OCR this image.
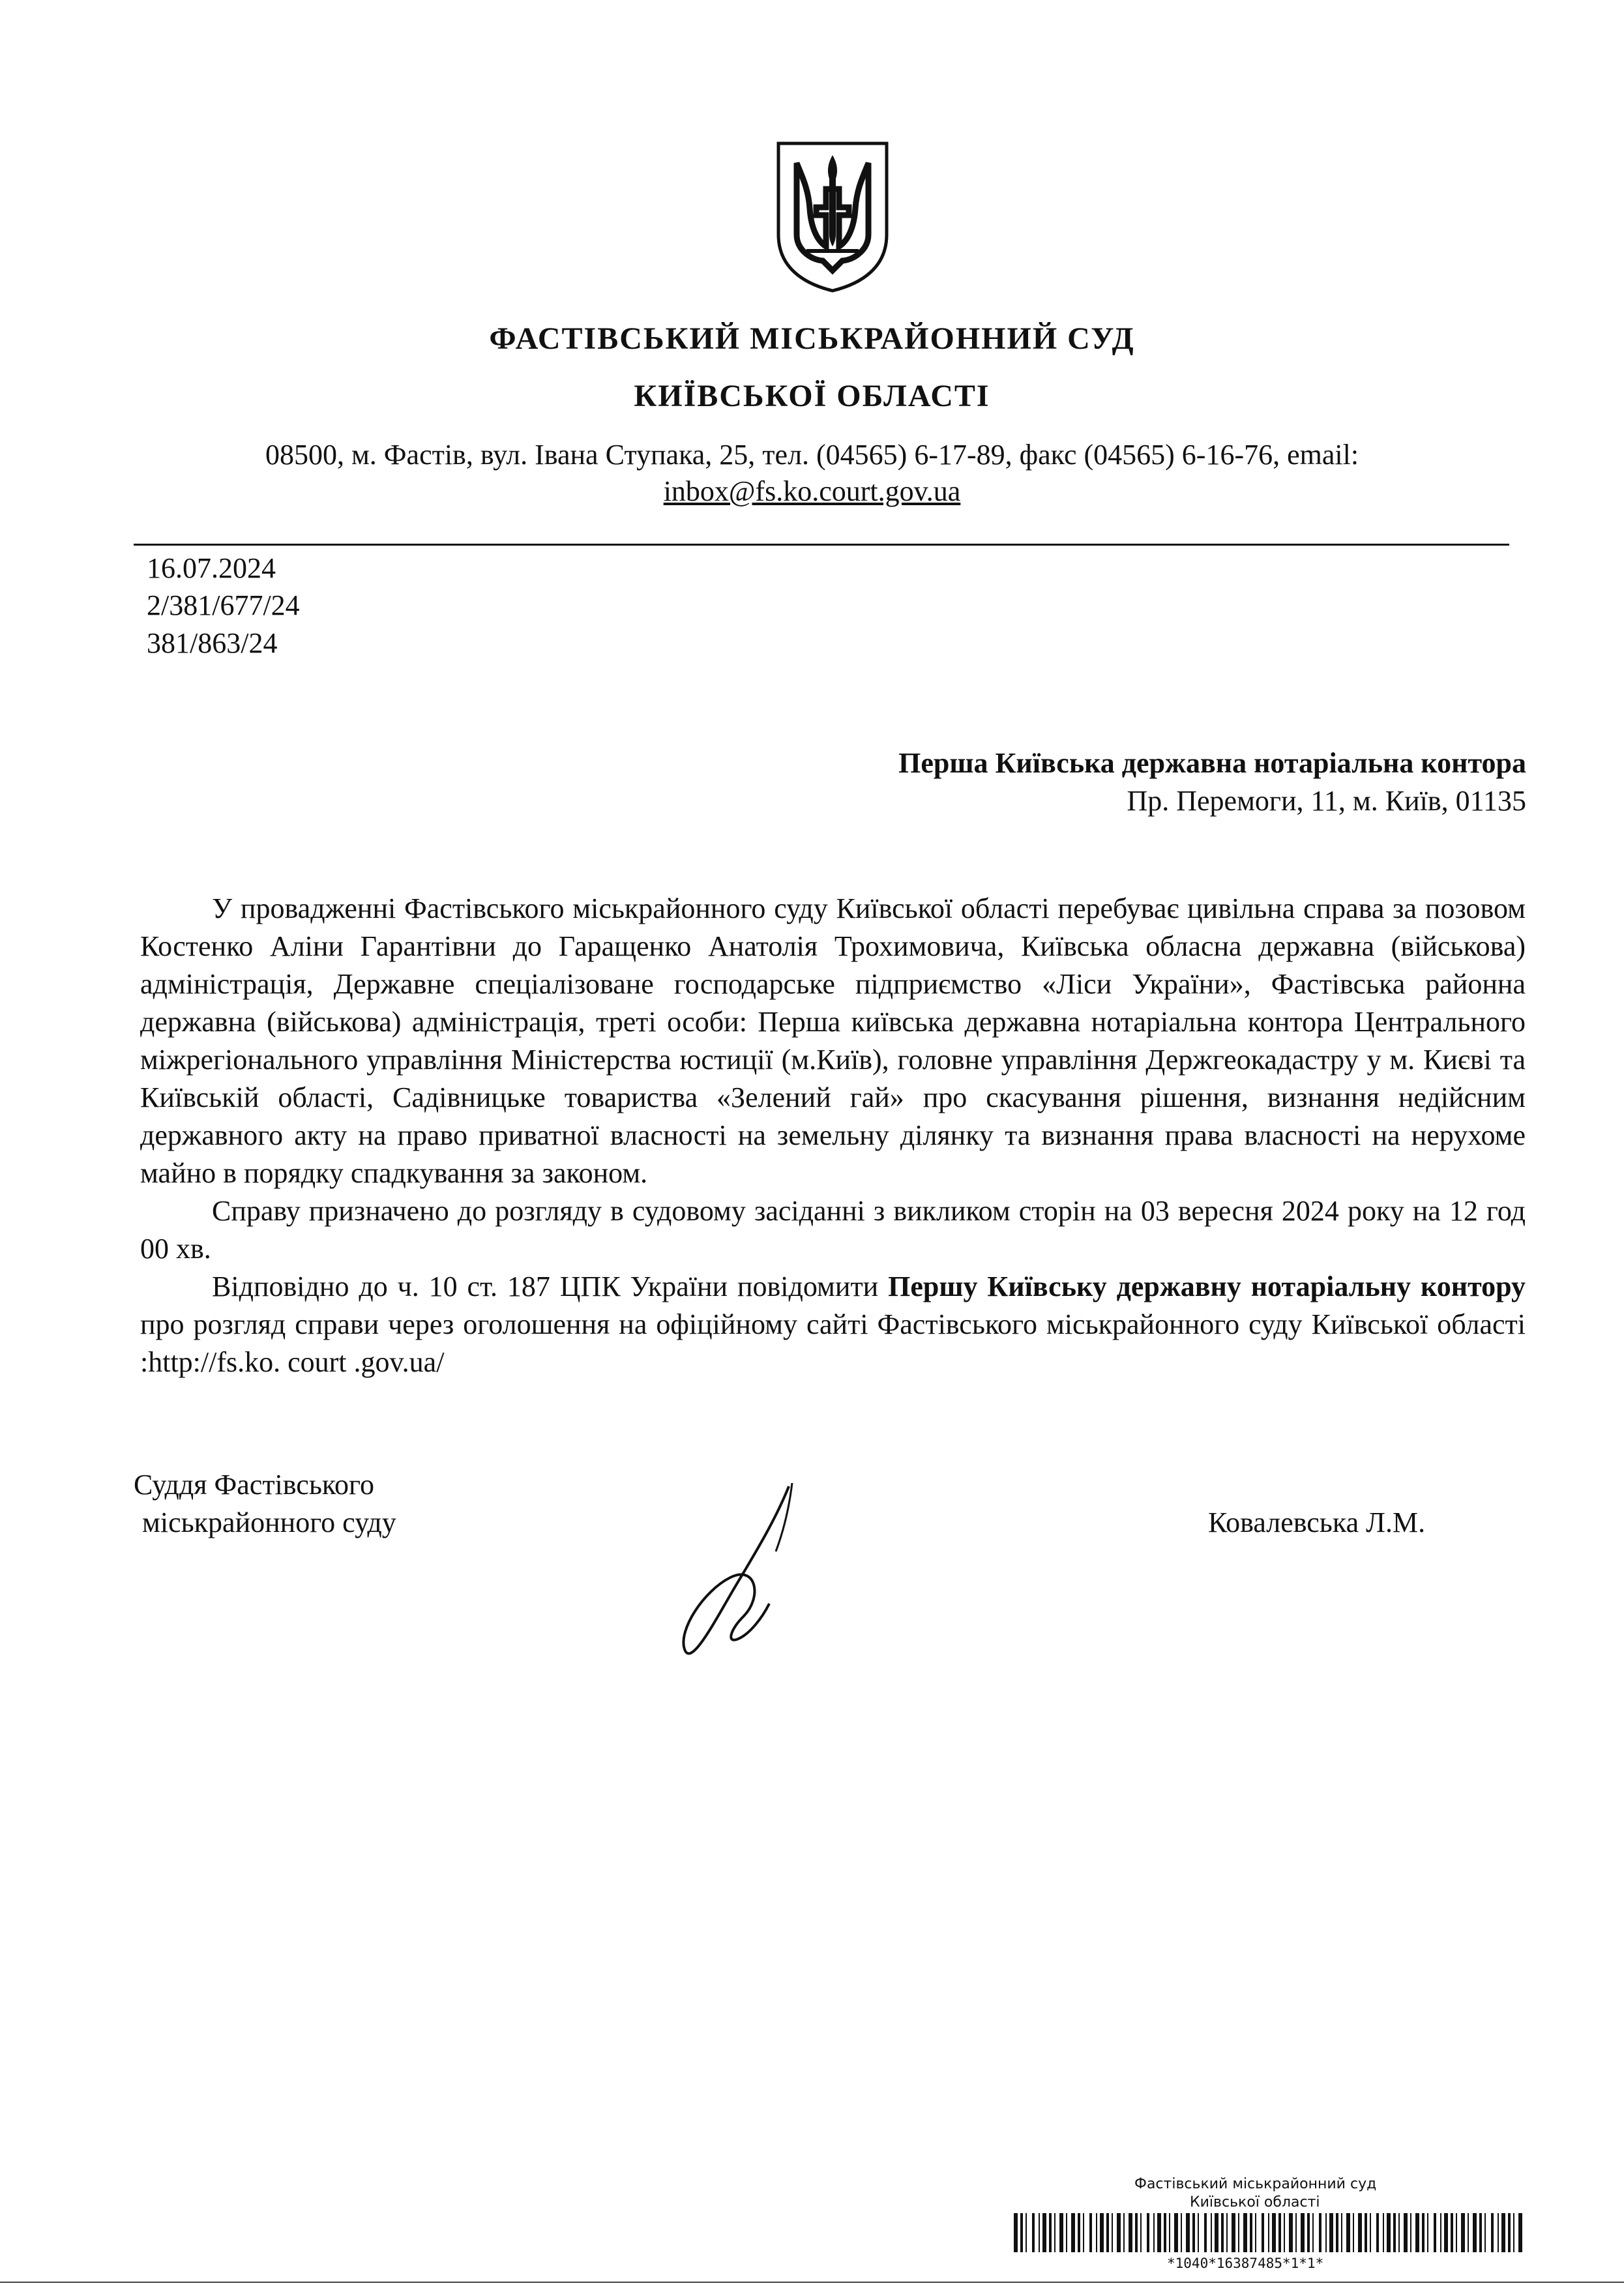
ФАСТІВСЬКИЙ МІСЬКРАЙОННИЙ СУД
КИЇВСЬКОЇ ОБЛАСТІ
08500, м. Фастів, вул. Івана Ступака, 25, тел. (04565) 6-17-89, факс (04565) 6-16-76, email:
inbox@fs.ko.court.gov.ua
16.07.2024
2/381/677/24
381/863/24
Перша Київська державна нотаріальна контора
Пр. Перемоги, 11, м. Київ, 01135

У провадженні Фастівського міськрайонного суду Київської області перебуває цивільна справа за позовом Костенко Аліни Гарантівни до Гаращенко Анатолія Трохимовича, Київська обласна державна (військова) адміністрація, Державне спеціалізоване господарське підприємство «Ліси України», Фастівська районна державна (військова) адміністрація, треті особи: Перша київська державна нотаріальна контора Центрального міжрегіонального управління Міністерства юстиції (м.Київ), головне управління Держгеокадастру у м. Києві та Київській області, Садівницьке товариства «Зелений гай» про скасування рішення, визнання недійсним державного акту на право приватної власності на земельну ділянку та визнання права власності на нерухоме майно в порядку спадкування за законом.

Справу призначено до розгляду в судовому засіданні з викликом сторін на 03 вересня 2024 року на 12 год 00 хв.

Відповідно до ч. 10 ст. 187 ЦПК України повідомити Першу Київську державну нотаріальну контору про розгляд справи через оголошення на офіційному сайті Фастівського міськрайонного суду Київської області :http://fs.ko. court .gov.ua/

Суддя Фастівського
міськрайонного суду	Ковалевська Л.М.
Фастівський міськрайонний суд
Київської області
*1040*16387485*1*1*
